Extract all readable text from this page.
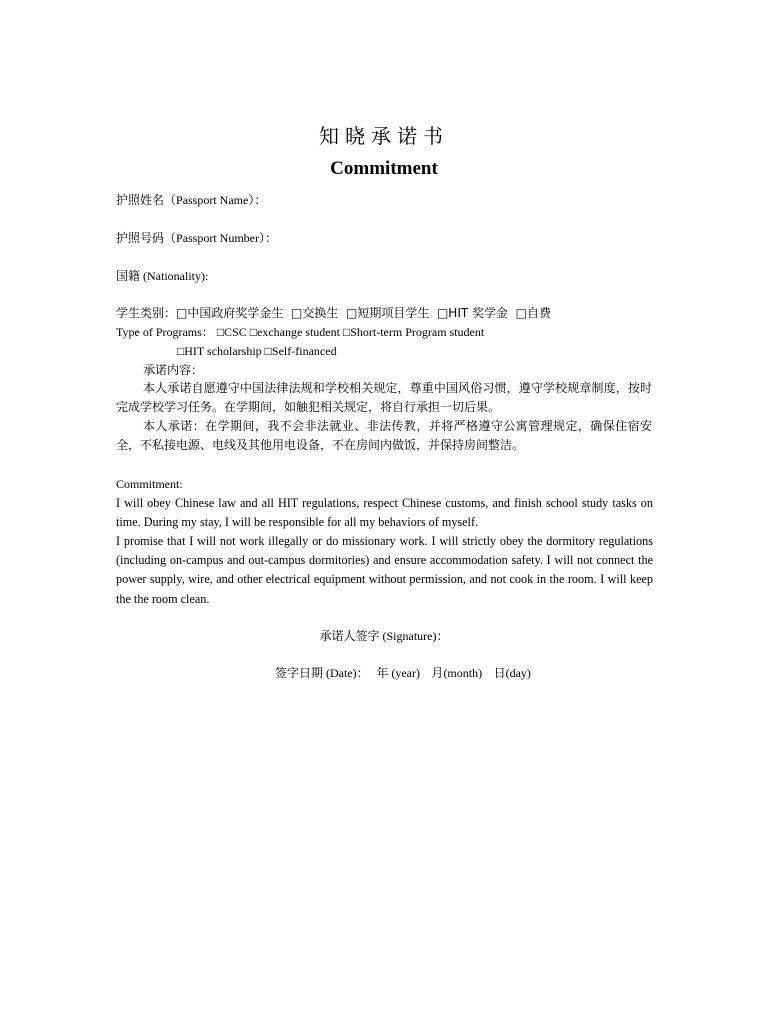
知晓承诺书
Commitment
护照姓名（Passport Name）：
护照号码（Passport Number）：
国籍 (Nationality):
学生类别：□中国政府奖学金生 □交换生 □短期项目学生 □HIT 奖学金 □自费
Type of Programs： □CSC □exchange student □Short-term Program student
□HIT scholarship □Self-financed
承诺内容：
本人承诺自愿遵守中国法律法规和学校相关规定，尊重中国风俗习惯，遵守学校规章制度，按时完成学校学习任务。在学期间，如触犯相关规定，将自行承担一切后果。
本人承诺：在学期间，我不会非法就业、非法传教，并将严格遵守公寓管理规定，确保住宿安全，不私接电源、电线及其他用电设备，不在房间内做饭，并保持房间整洁。
Commitment:
I will obey Chinese law and all HIT regulations, respect Chinese customs, and finish school study tasks on time. During my stay, I will be responsible for all my behaviors of myself.
I promise that I will not work illegally or do missionary work. I will strictly obey the dormitory regulations (including on-campus and out-campus dormitories) and ensure accommodation safety. I will not connect the power supply, wire, and other electrical equipment without permission, and not cook in the room. I will keep the the room clean.
承诺人签字 (Signature)：
签字日期 (Date)： 年 (year) 月(month) 日(day)
